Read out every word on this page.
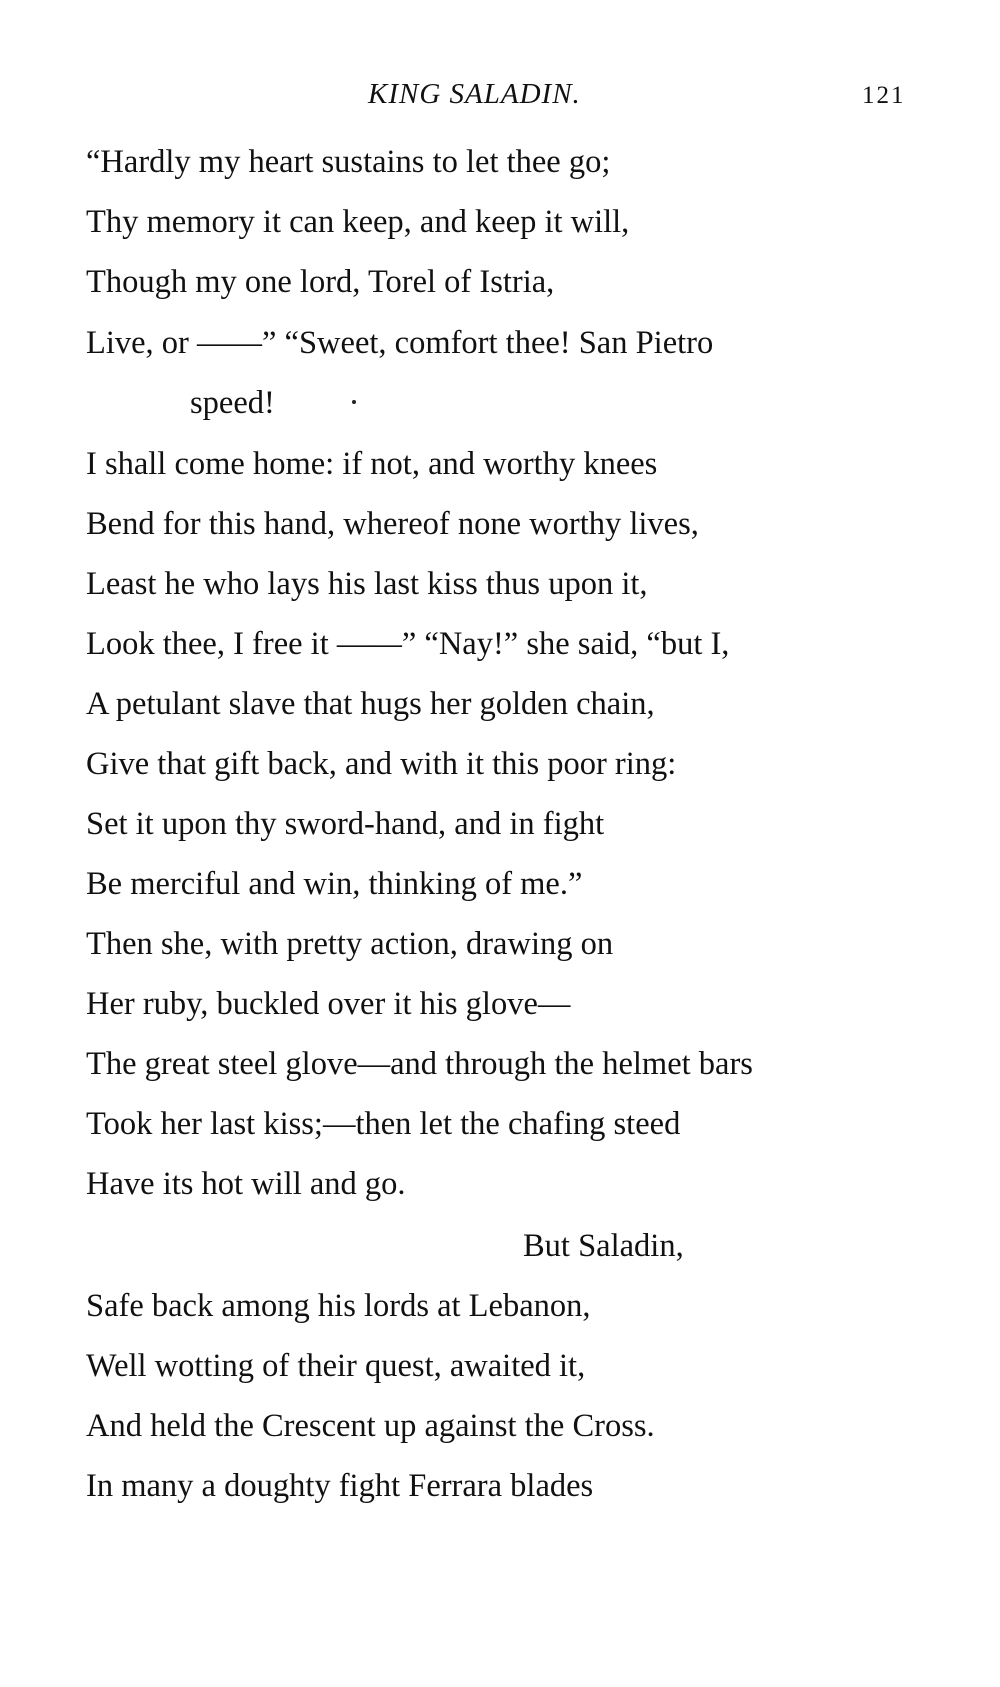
KING SALADIN.	121
“Hardly my heart sustains to let thee go;
Thy memory it can keep, and keep it will,
Though my one lord, Torel of Istria,
Live, or ——” “Sweet, comfort thee! San Pietro
speed!
I shall come home: if not, and worthy knees
Bend for this hand, whereof none worthy lives,
Least he who lays his last kiss thus upon it,
Look thee, I free it ——” “Nay!” she said, “but I,
A petulant slave that hugs her golden chain,
Give that gift back, and with it this poor ring:
Set it upon thy sword-hand, and in fight
Be merciful and win, thinking of me.”
Then she, with pretty action, drawing on
Her ruby, buckled over it his glove—
The great steel glove—and through the helmet bars
Took her last kiss;—then let the chafing steed
Have its hot will and go.
But Saladin,
Safe back among his lords at Lebanon,
Well wotting of their quest, awaited it,
And held the Crescent up against the Cross.
In many a doughty fight Ferrara blades
